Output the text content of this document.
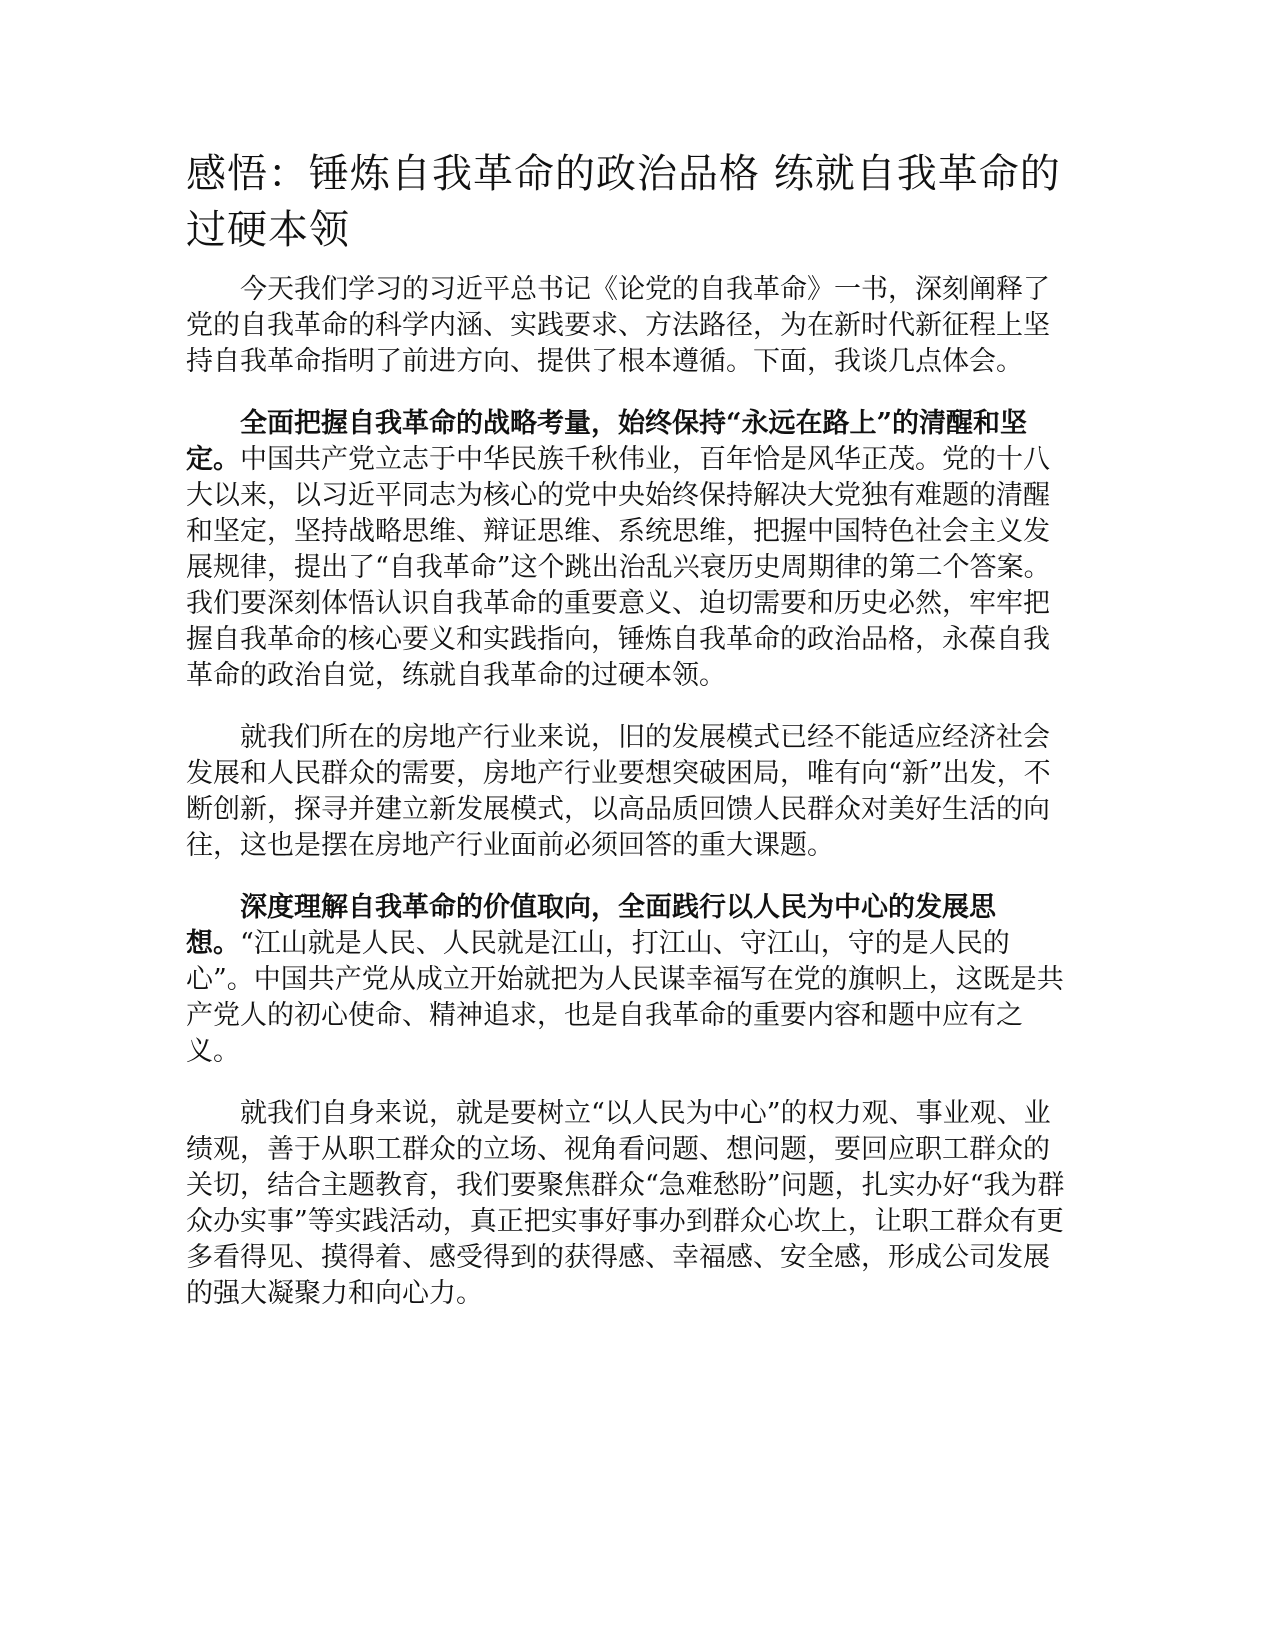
感悟：锤炼自我革命的政治品格 练就自我革命的过硬本领

今天我们学习的习近平总书记《论党的自我革命》一书，深刻阐释了党的自我革命的科学内涵、实践要求、方法路径，为在新时代新征程上坚持自我革命指明了前进方向、提供了根本遵循。下面，我谈几点体会。

全面把握自我革命的战略考量，始终保持“永远在路上”的清醒和坚定。中国共产党立志于中华民族千秋伟业，百年恰是风华正茂。党的十八大以来，以习近平同志为核心的党中央始终保持解决大党独有难题的清醒和坚定，坚持战略思维、辩证思维、系统思维，把握中国特色社会主义发展规律，提出了“自我革命”这个跳出治乱兴衰历史周期律的第二个答案。我们要深刻体悟认识自我革命的重要意义、迫切需要和历史必然，牢牢把握自我革命的核心要义和实践指向，锤炼自我革命的政治品格，永葆自我革命的政治自觉，练就自我革命的过硬本领。

就我们所在的房地产行业来说，旧的发展模式已经不能适应经济社会发展和人民群众的需要，房地产行业要想突破困局，唯有向“新”出发，不断创新，探寻并建立新发展模式，以高品质回馈人民群众对美好生活的向往，这也是摆在房地产行业面前必须回答的重大课题。

深度理解自我革命的价值取向，全面践行以人民为中心的发展思想。“江山就是人民、人民就是江山，打江山、守江山，守的是人民的心”。中国共产党从成立开始就把为人民谋幸福写在党的旗帜上，这既是共产党人的初心使命、精神追求，也是自我革命的重要内容和题中应有之义。

就我们自身来说，就是要树立“以人民为中心”的权力观、事业观、业绩观，善于从职工群众的立场、视角看问题、想问题，要回应职工群众的关切，结合主题教育，我们要聚焦群众“急难愁盼”问题，扎实办好“我为群众办实事”等实践活动，真正把实事好事办到群众心坎上，让职工群众有更多看得见、摸得着、感受得到的获得感、幸福感、安全感，形成公司发展的强大凝聚力和向心力。
